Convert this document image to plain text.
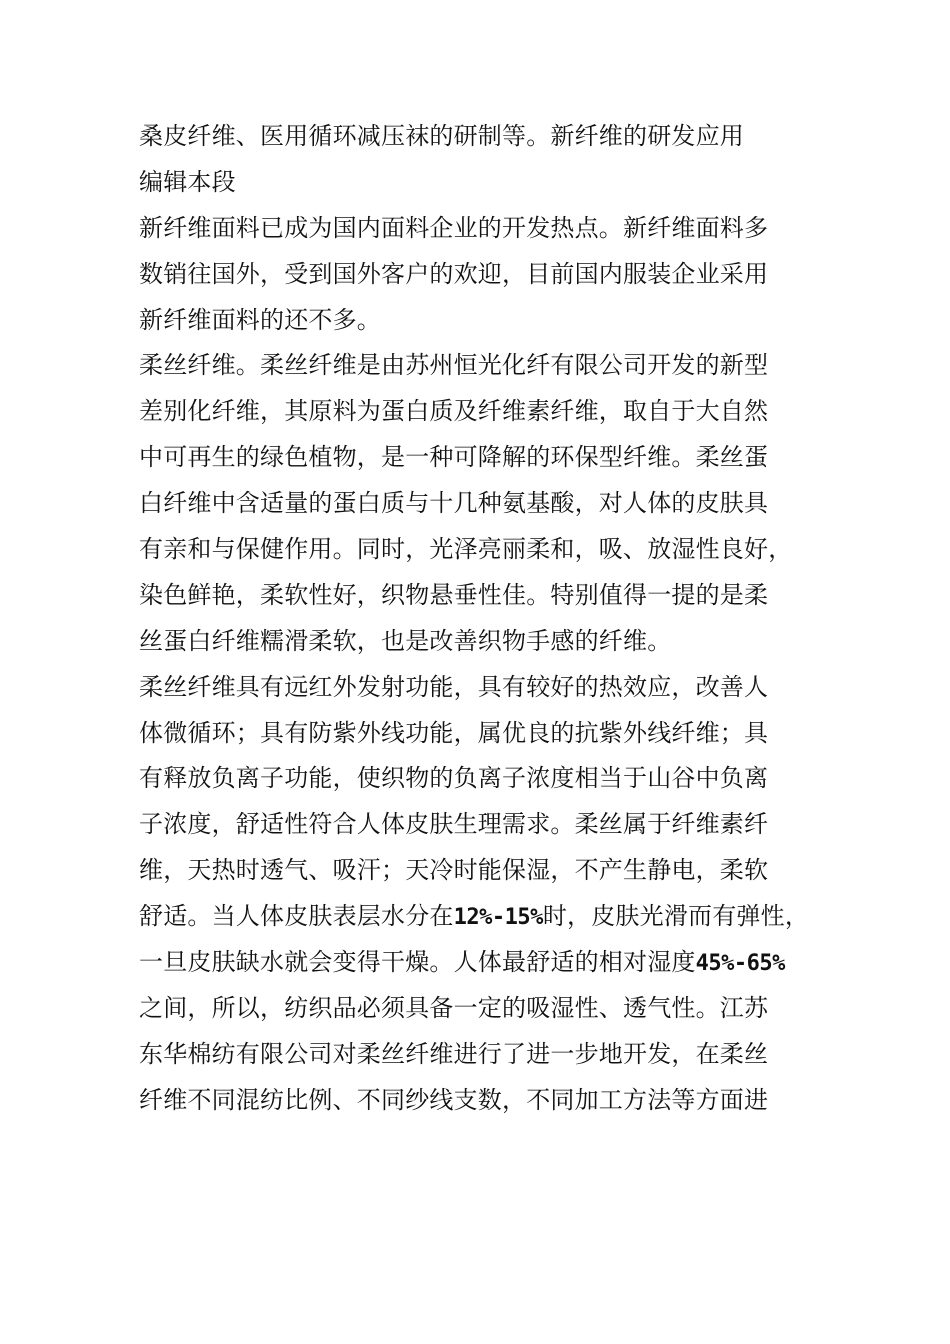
桑皮纤维、医用循环减压袜的研制等。新纤维的研发应用
编辑本段
新纤维面料已成为国内面料企业的开发热点。新纤维面料多
数销往国外，受到国外客户的欢迎，目前国内服装企业采用
新纤维面料的还不多。
柔丝纤维。柔丝纤维是由苏州恒光化纤有限公司开发的新型
差别化纤维，其原料为蛋白质及纤维素纤维，取自于大自然
中可再生的绿色植物，是一种可降解的环保型纤维。柔丝蛋
白纤维中含适量的蛋白质与十几种氨基酸，对人体的皮肤具
有亲和与保健作用。同时，光泽亮丽柔和，吸、放湿性良好，
染色鲜艳，柔软性好，织物悬垂性佳。特别值得一提的是柔
丝蛋白纤维糯滑柔软，也是改善织物手感的纤维。
柔丝纤维具有远红外发射功能，具有较好的热效应，改善人
体微循环；具有防紫外线功能，属优良的抗紫外线纤维；具
有释放负离子功能，使织物的负离子浓度相当于山谷中负离
子浓度，舒适性符合人体皮肤生理需求。柔丝属于纤维素纤
维，天热时透气、吸汗；天冷时能保湿，不产生静电，柔软
舒适。当人体皮肤表层水分在12%-15%时，皮肤光滑而有弹性，
一旦皮肤缺水就会变得干燥。人体最舒适的相对湿度45%-65%
之间，所以，纺织品必须具备一定的吸湿性、透气性。江苏
东华棉纺有限公司对柔丝纤维进行了进一步地开发，在柔丝
纤维不同混纺比例、不同纱线支数，不同加工方法等方面进
